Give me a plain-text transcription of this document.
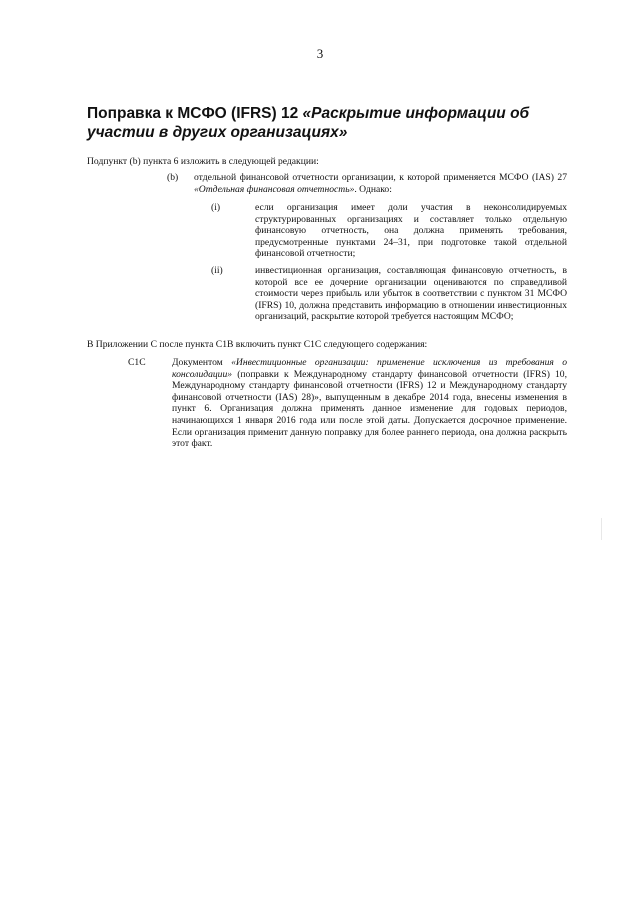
3
Поправка к МСФО (IFRS) 12 «Раскрытие информации об участии в других организациях»

Подпункт (b) пункта 6 изложить в следующей редакции:

(b) отдельной финансовой отчетности организации, к которой применяется МСФО (IAS) 27 «Отдельная финансовая отчетность». Однако:

(i)	если организация имеет доли участия в неконсолидируемых структурированных организациях и составляет только отдельную финансовую отчетность, она должна применять требования, предусмотренные пунктами 24–31, при подготовке такой отдельной финансовой отчетности;

(ii)	инвестиционная организация, составляющая финансовую отчетность, в которой все ее дочерние организации оцениваются по справедливой стоимости через прибыль или убыток в соответствии с пунктом 31 МСФО (IFRS) 10, должна представить информацию в отношении инвестиционных организаций, раскрытие которой требуется настоящим МСФО;

В Приложении С после пункта С1В включить пункт С1С следующего содержания:

С1С	Документом «Инвестиционные организации: применение исключения из требования о консолидации» (поправки к Международному стандарту финансовой отчетности (IFRS) 10, Международному стандарту финансовой отчетности (IFRS) 12 и Международному стандарту финансовой отчетности (IAS) 28)», выпущенным в декабре 2014 года, внесены изменения в пункт 6. Организация должна применять данное изменение для годовых периодов, начинающихся 1 января 2016 года или после этой даты. Допускается досрочное применение. Если организация применит данную поправку для более раннего периода, она должна раскрыть этот факт.
